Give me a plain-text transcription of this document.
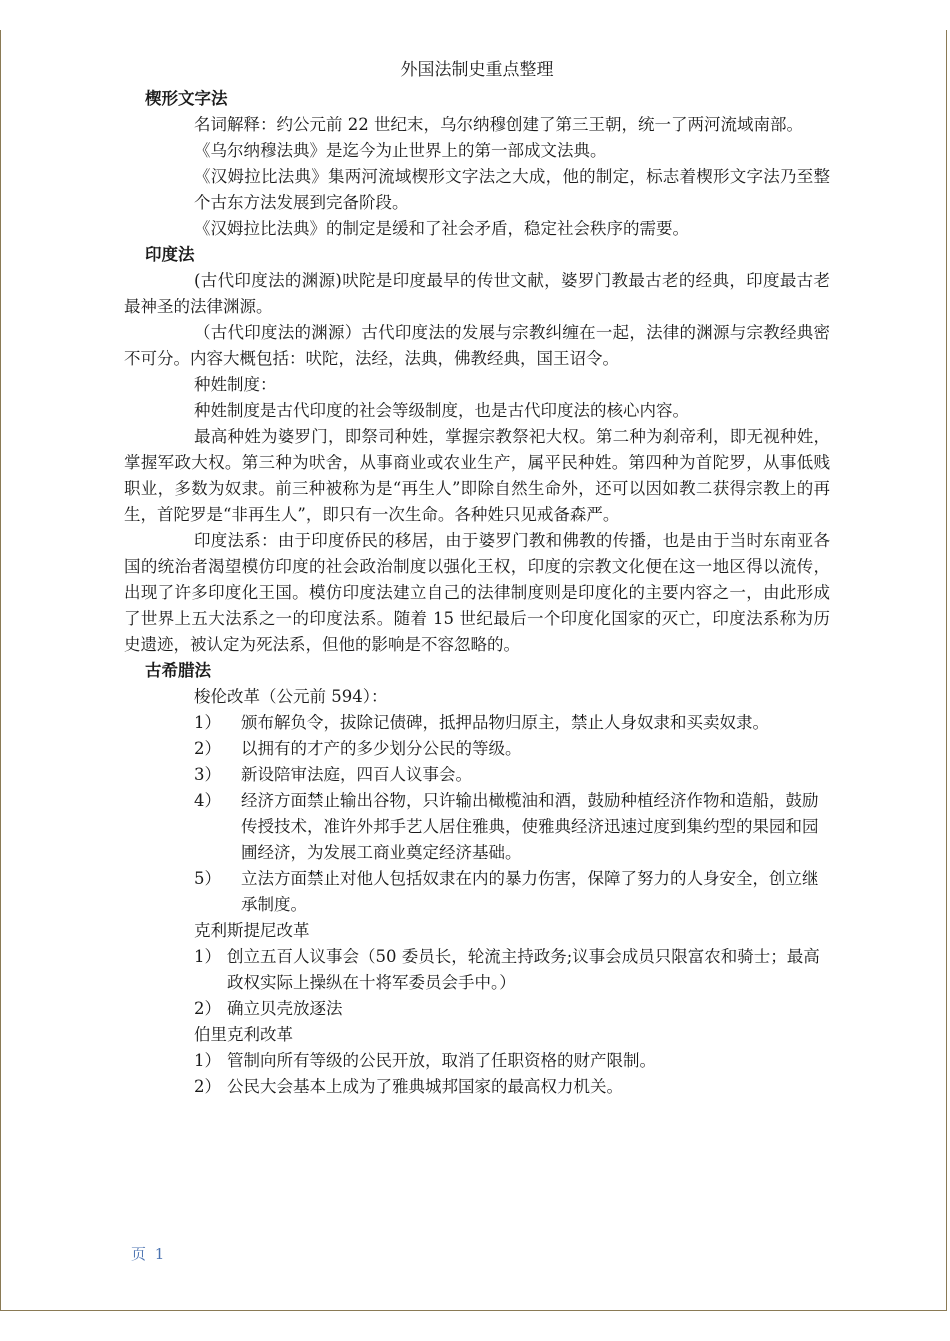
外国法制史重点整理
楔形文字法

名词解释：约公元前 22 世纪末，乌尔纳穆创建了第三王朝，统一了两河流域南部。

《乌尔纳穆法典》是迄今为止世界上的第一部成文法典。

《汉姆拉比法典》集两河流域楔形文字法之大成，他的制定，标志着楔形文字法乃至整个古东方法发展到完备阶段。

《汉姆拉比法典》的制定是缓和了社会矛盾，稳定社会秩序的需要。

印度法

(古代印度法的渊源)吠陀是印度最早的传世文献，婆罗门教最古老的经典，印度最古老最神圣的法律渊源。

（古代印度法的渊源）古代印度法的发展与宗教纠缠在一起，法律的渊源与宗教经典密不可分。内容大概包括：吠陀，法经，法典，佛教经典，国王诏令。

种姓制度：

种姓制度是古代印度的社会等级制度，也是古代印度法的核心内容。

最高种姓为婆罗门，即祭司种姓，掌握宗教祭祀大权。第二种为刹帝利，即无视种姓，掌握军政大权。第三种为吠舍，从事商业或农业生产，属平民种姓。第四种为首陀罗，从事低贱职业，多数为奴隶。前三种被称为是“再生人”即除自然生命外，还可以因如教二获得宗教上的再生，首陀罗是“非再生人”，即只有一次生命。各种姓只见戒备森严。

印度法系：由于印度侨民的移居，由于婆罗门教和佛教的传播，也是由于当时东南亚各国的统治者渴望模仿印度的社会政治制度以强化王权，印度的宗教文化便在这一地区得以流传，出现了许多印度化王国。模仿印度法建立自己的法律制度则是印度化的主要内容之一，由此形成了世界上五大法系之一的印度法系。随着 15 世纪最后一个印度化国家的灭亡，印度法系称为历史遗迹，被认定为死法系，但他的影响是不容忽略的。

古希腊法

梭伦改革（公元前 594）：

1） 颁布解负令，拔除记债碑，抵押品物归原主，禁止人身奴隶和买卖奴隶。
2） 以拥有的才产的多少划分公民的等级。
3） 新设陪审法庭，四百人议事会。
4） 经济方面禁止输出谷物，只许输出橄榄油和酒，鼓励种植经济作物和造船，鼓励传授技术，准许外邦手艺人居住雅典，使雅典经济迅速过度到集约型的果园和园圃经济，为发展工商业奠定经济基础。
5） 立法方面禁止对他人包括奴隶在内的暴力伤害，保障了努力的人身安全，创立继承制度。

克利斯提尼改革

1） 创立五百人议事会（50 委员长，轮流主持政务;议事会成员只限富农和骑士；最高政权实际上操纵在十将军委员会手中。）
2） 确立贝壳放逐法

伯里克利改革

1） 管制向所有等级的公民开放，取消了任职资格的财产限制。
2） 公民大会基本上成为了雅典城邦国家的最高权力机关。
页 1
